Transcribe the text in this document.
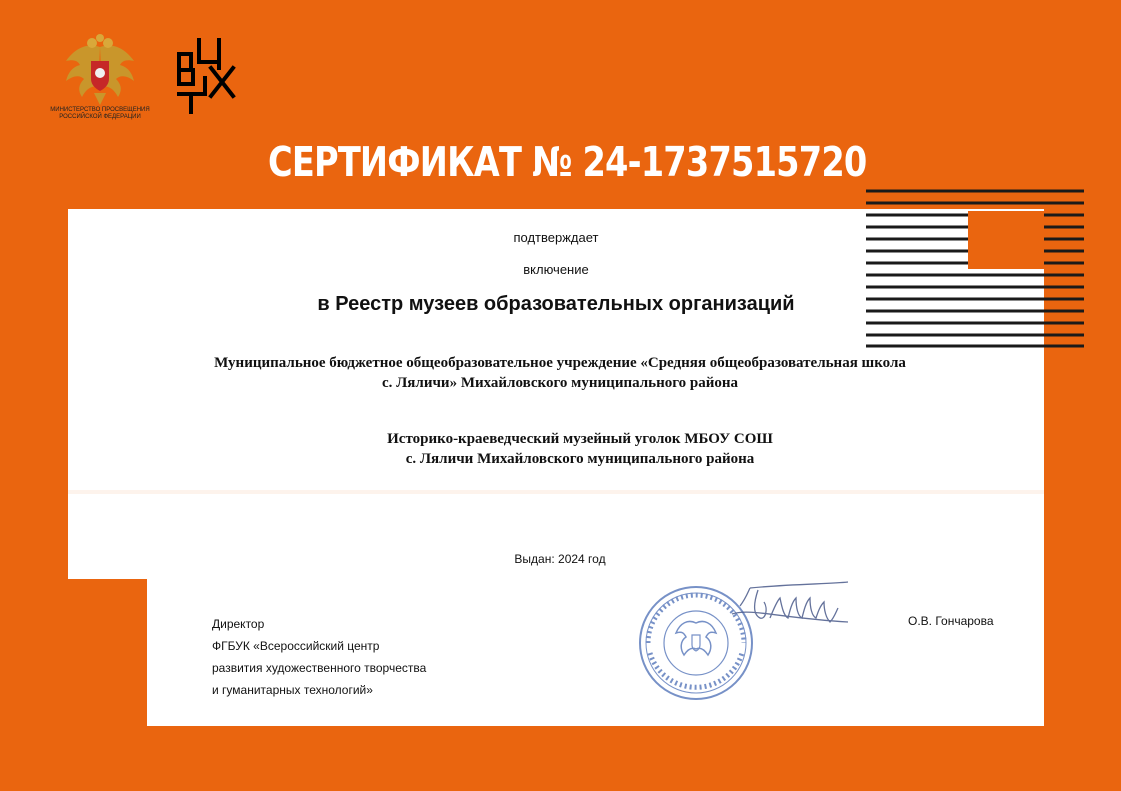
МИНИСТЕРСТВО ПРОСВЕЩЕНИЯ
РОССИЙСКОЙ ФЕДЕРАЦИИ
СЕРТИФИКАТ № 24-1737515720
подтверждает
включение
в Реестр музеев образовательных организаций
Муниципальное бюджетное общеобразовательное учреждение «Средняя общеобразовательная школа
с. Ляличи» Михайловского муниципального района
Историко-краеведческий музейный уголок МБОУ СОШ
с. Ляличи Михайловского муниципального района
Выдан: 2024 год
Директор
ФГБУК «Всероссийский центр
развития художественного творчества
и гуманитарных технологий»
О.В. Гончарова
